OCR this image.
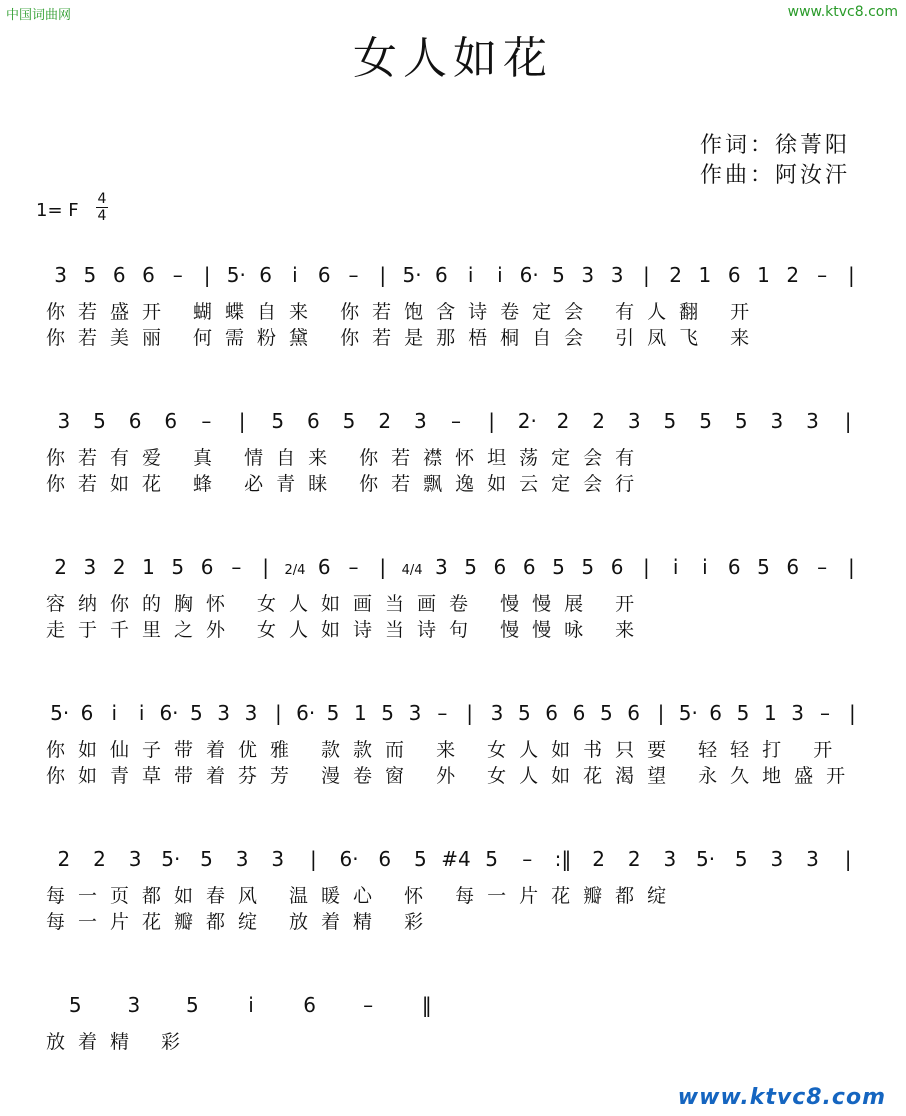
中国词曲网	www.ktvc8.com
女人如花
作词：徐菁阳
作曲：阿汝汗
1= F
4
4
3 5 6 6 – | 5· 6 i 6 – | 5· 6 i i 6· 5 3 3 | 2 1 6 1 2 – |
你若盛开 蝴蝶自来 你若饱含诗卷定会 有人翻 开
你若美丽 何需粉黛 你若是那梧桐自会 引凤飞 来
3 5 6 6 – | 5 6 5 2 3 – | 2· 2 2 3 5 5 5 3 3 |
你若有爱 真 情自来 你若襟怀坦荡定会有
你若如花 蜂 必青睐 你若飘逸如云定会行
2 3 2 1 5 6 – | 2/4 6 – | 4/4 3 5 6 6 5 5 6 | i i 6 5 6 – |
容纳你的胸怀 女人如画当画卷 慢慢展 开
走于千里之外 女人如诗当诗句 慢慢咏 来
5· 6 i i 6· 5 3 3 | 6· 5 1 5 3 – | 3 5 6 6 5 6 | 5· 6 5 1 3 – |
你如仙子带着优雅 款款而 来 女人如书只要 轻轻打 开
你如青草带着芬芳 漫卷窗 外 女人如花渴望 永久地盛开
2 2 3 5· 5 3 3 | 6· 6 5 #4 5 – :‖ 2 2 3 5· 5 3 3 |
每一页都如春风 温暖心 怀 每一片花瓣都绽
每一片花瓣都绽 放着精 彩
5 3 5 i 6 – ‖
放着精 彩
www.ktvc8.com
